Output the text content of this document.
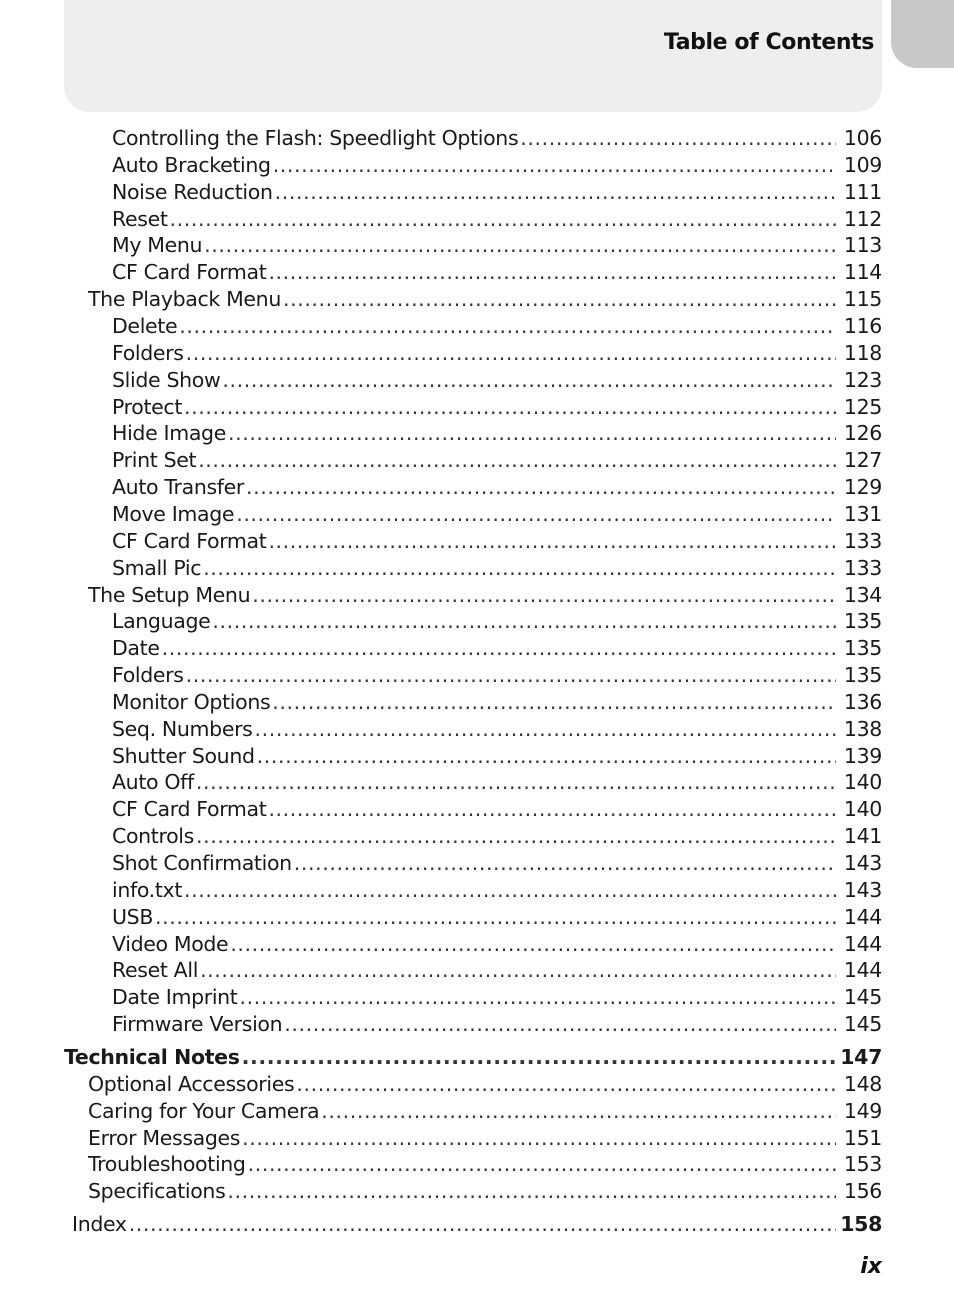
Table of Contents
Controlling the Flash: Speedlight Options .....	106
Auto Bracketing .....	109
Noise Reduction .....	111
Reset .....	112
My Menu .....	113
CF Card Format .....	114
The Playback Menu .....	115
Delete .....	116
Folders .....	118
Slide Show .....	123
Protect .....	125
Hide Image .....	126
Print Set .....	127
Auto Transfer .....	129
Move Image .....	131
CF Card Format .....	133
Small Pic .....	133
The Setup Menu .....	134
Language .....	135
Date .....	135
Folders .....	135
Monitor Options .....	136
Seq. Numbers .....	138
Shutter Sound .....	139
Auto Off .....	140
CF Card Format .....	140
Controls .....	141
Shot Confirmation .....	143
info.txt .....	143
USB .....	144
Video Mode .....	144
Reset All .....	144
Date Imprint .....	145
Firmware Version .....	145
Technical Notes .....	147
Optional Accessories .....	148
Caring for Your Camera .....	149
Error Messages .....	151
Troubleshooting .....	153
Specifications .....	156
Index .....	158
ix
